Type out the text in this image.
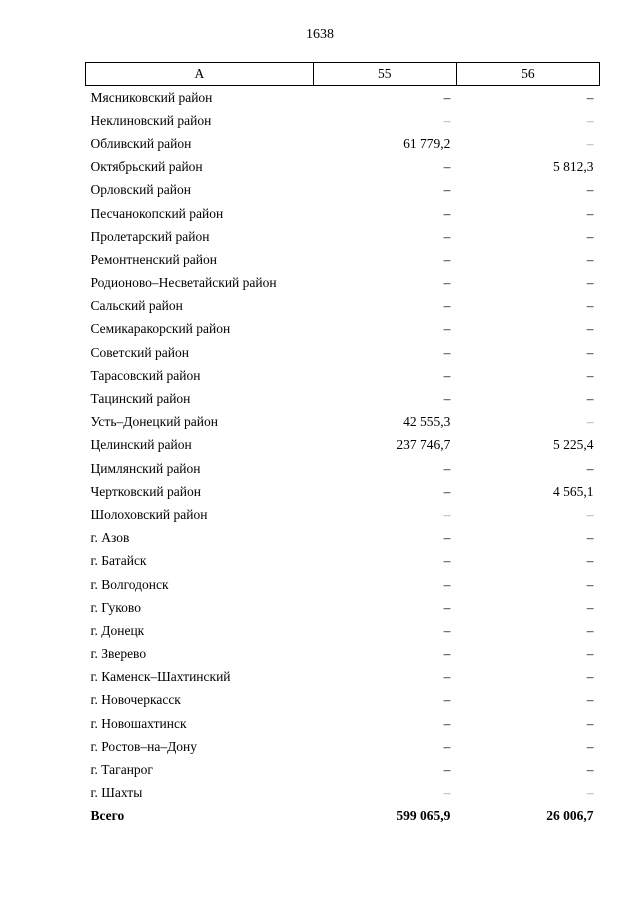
1638
А	55	56
Мясниковский район	–	–
Неклиновский район	–	–
Обливский район	61 779,2	–
Октябрьский район	–	5 812,3
Орловский район	–	–
Песчанокопский район	–	–
Пролетарский район	–	–
Ремонтненский район	–	–
Родионово–Несветайский район	–	–
Сальский район	–	–
Семикаракорский район	–	–
Советский район	–	–
Тарасовский район	–	–
Тацинский район	–	–
Усть–Донецкий район	42 555,3	–
Целинский район	237 746,7	5 225,4
Цимлянский район	–	–
Чертковский район	–	4 565,1
Шолоховский район	–	–
г. Азов	–	–
г. Батайск	–	–
г. Волгодонск	–	–
г. Гуково	–	–
г. Донецк	–	–
г. Зверево	–	–
г. Каменск–Шахтинский	–	–
г. Новочеркасск	–	–
г. Новошахтинск	–	–
г. Ростов–на–Дону	–	–
г. Таганрог	–	–
г. Шахты	–	–
Всего	599 065,9	26 006,7
